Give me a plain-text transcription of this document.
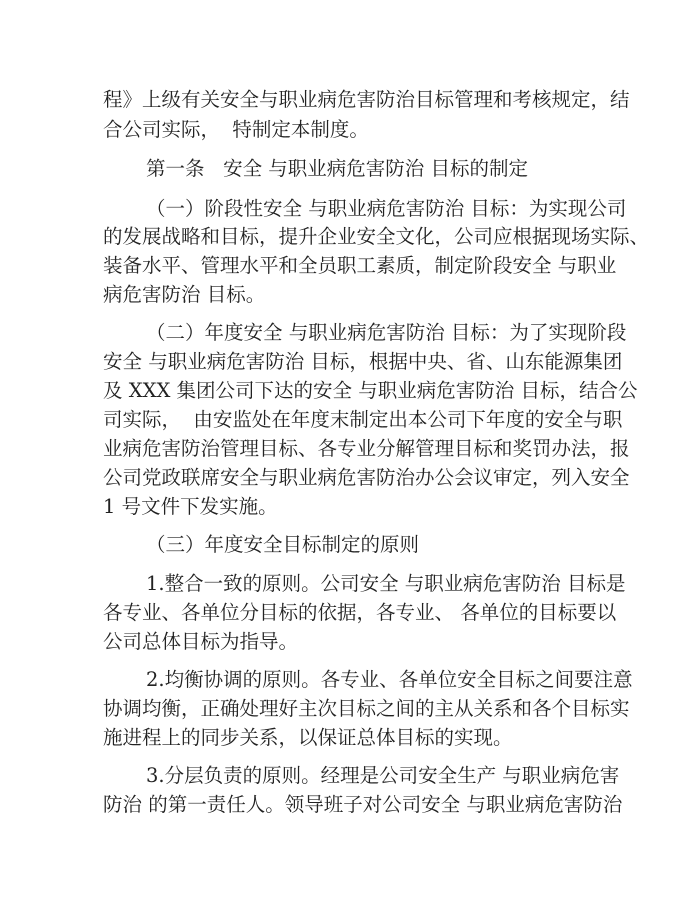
程》上级有关安全与职业病危害防治目标管理和考核规定，结
合公司实际，  特制定本制度。
第一条   安全 与职业病危害防治 目标的制定
（一）阶段性安全 与职业病危害防治 目标：为实现公司
的发展战略和目标，提升企业安全文化，公司应根据现场实际、
装备水平、管理水平和全员职工素质，制定阶段安全 与职业
病危害防治 目标。
（二）年度安全 与职业病危害防治 目标：为了实现阶段
安全 与职业病危害防治 目标，根据中央、省、山东能源集团
及 XXX 集团公司下达的安全 与职业病危害防治 目标，结合公
司实际，  由安监处在年度末制定出本公司下年度的安全与职
业病危害防治管理目标、各专业分解管理目标和奖罚办法，报
公司党政联席安全与职业病危害防治办公会议审定，列入安全
1 号文件下发实施。
（三）年度安全目标制定的原则
1.整合一致的原则。公司安全 与职业病危害防治 目标是
各专业、各单位分目标的依据，各专业、 各单位的目标要以
公司总体目标为指导。
2.均衡协调的原则。各专业、各单位安全目标之间要注意
协调均衡，正确处理好主次目标之间的主从关系和各个目标实
施进程上的同步关系，以保证总体目标的实现。
3.分层负责的原则。经理是公司安全生产 与职业病危害
防治 的第一责任人。领导班子对公司安全 与职业病危害防治
